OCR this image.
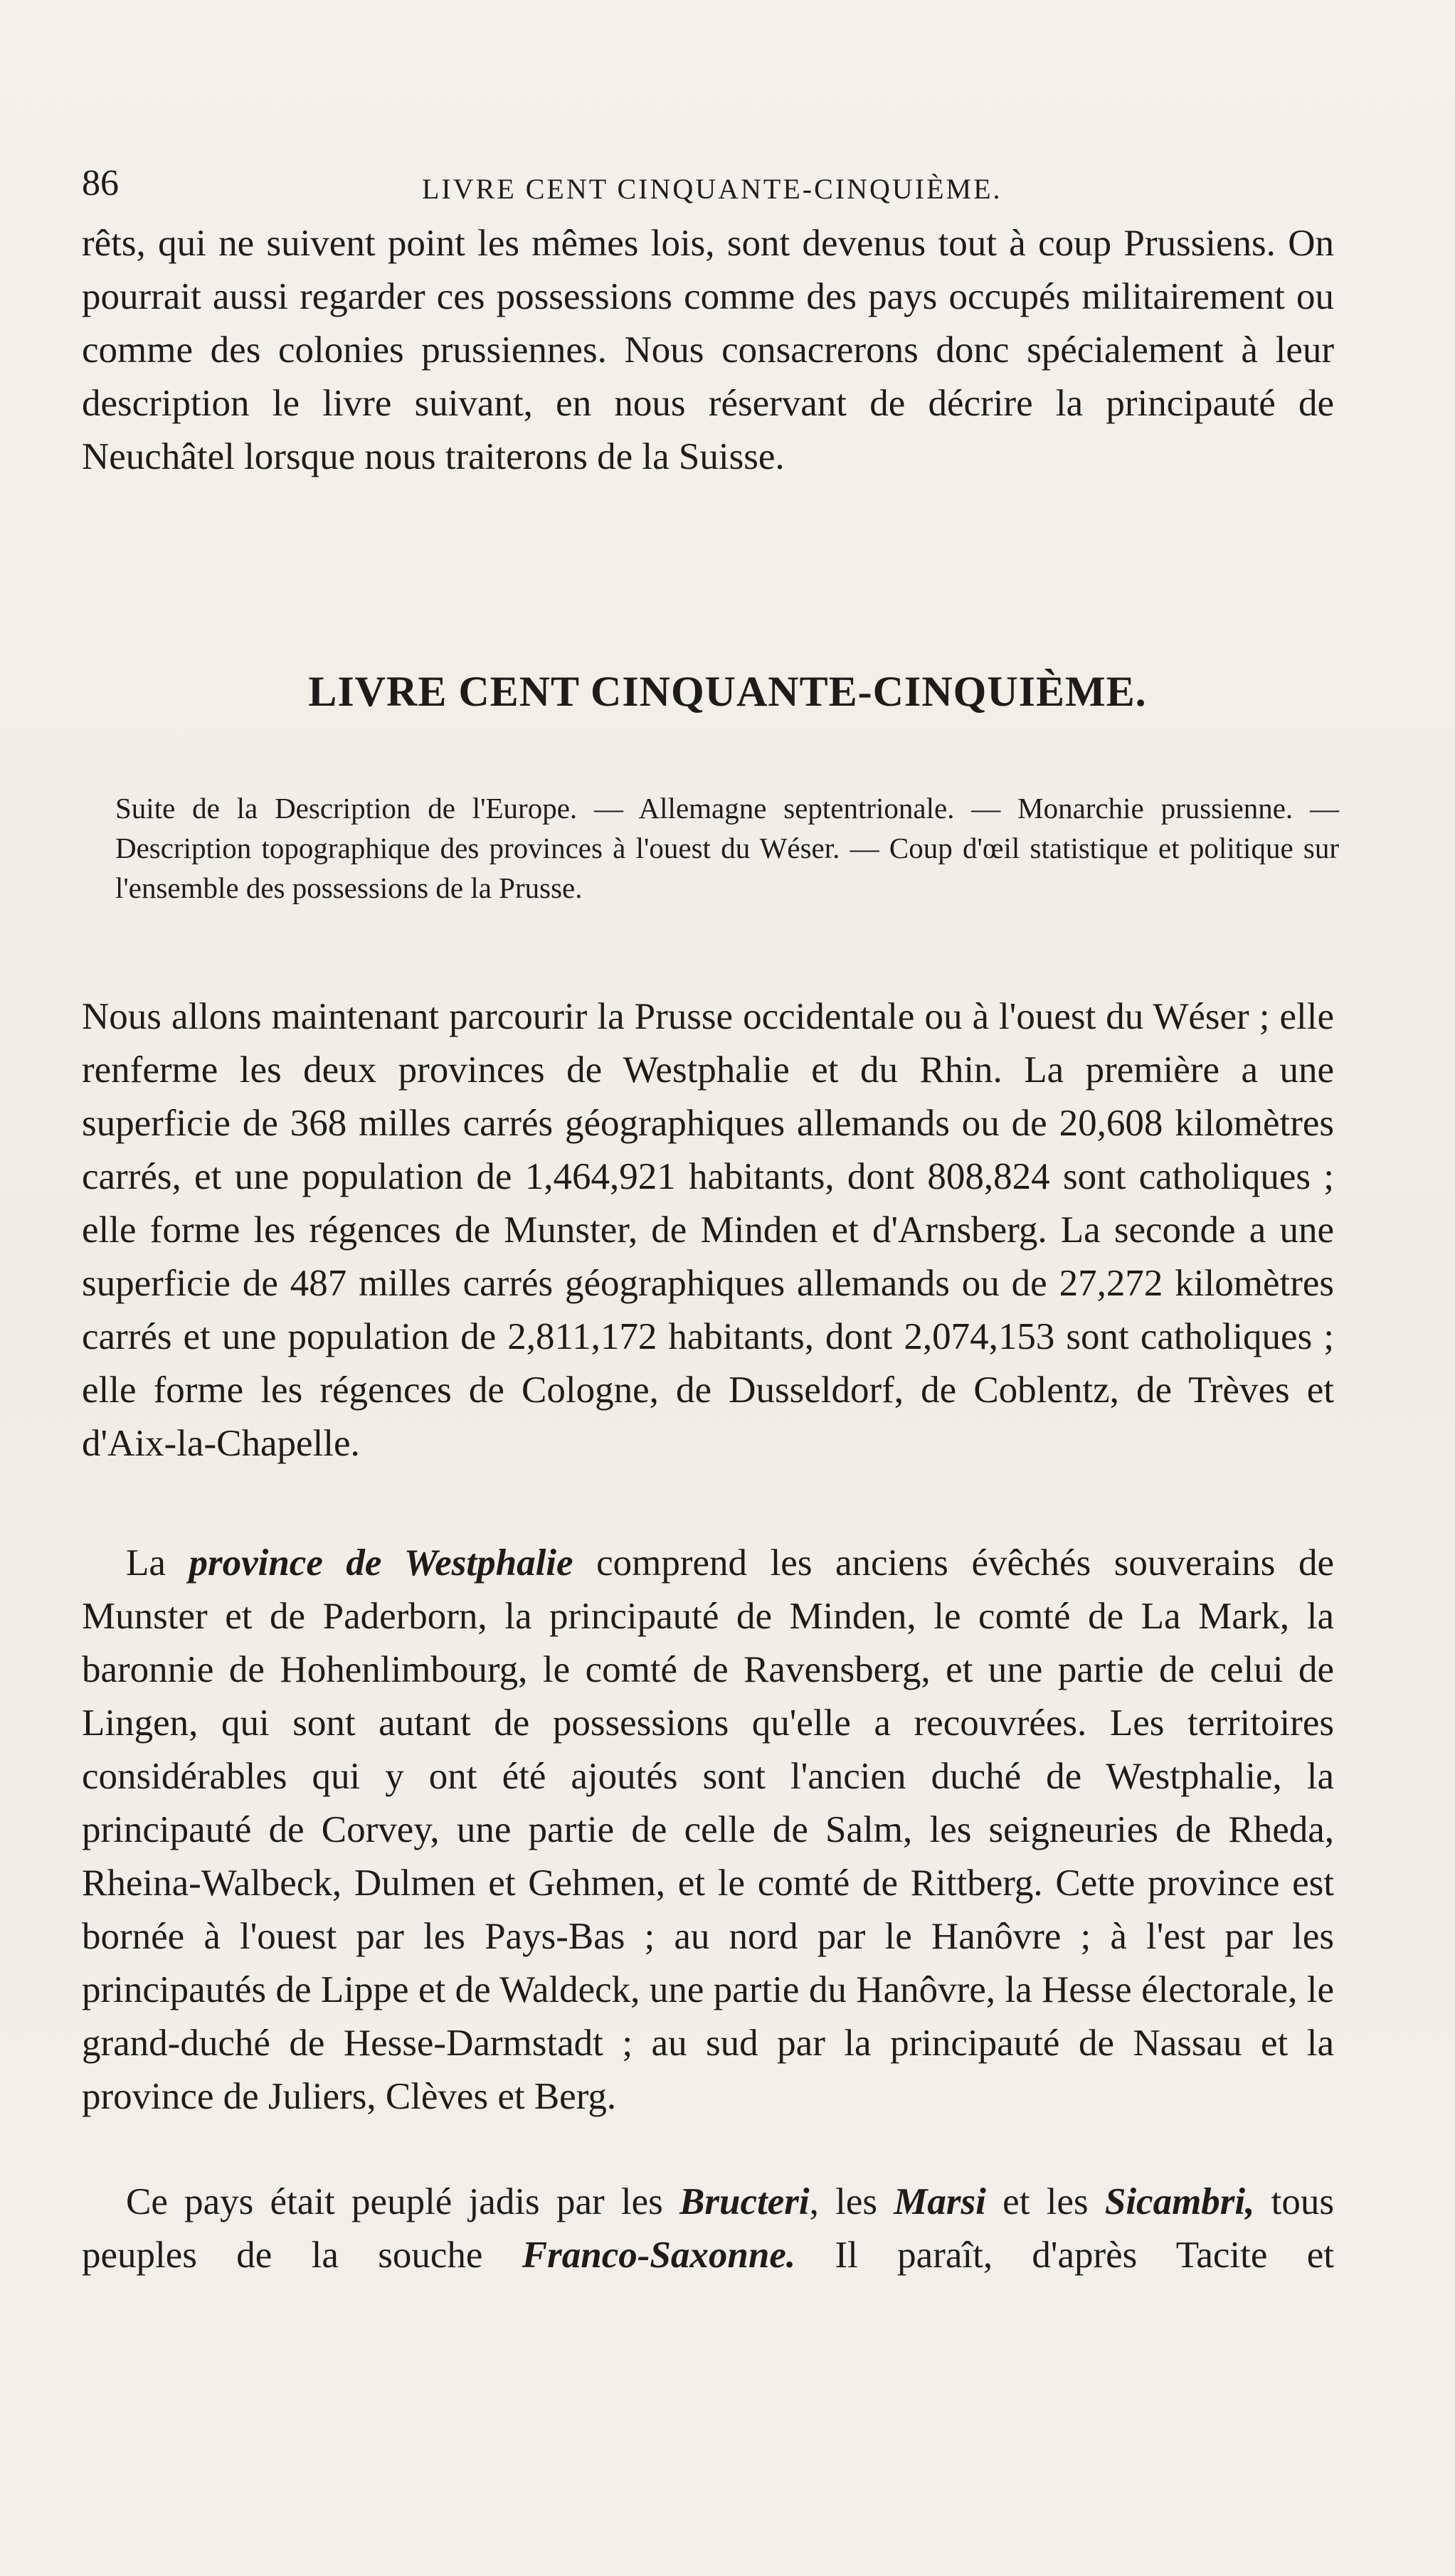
86	LIVRE CENT CINQUANTE-CINQUIÈME.

rêts, qui ne suivent point les mêmes lois, sont devenus tout à coup Prussiens. On pourrait aussi regarder ces possessions comme des pays occupés militairement ou comme des colonies prussiennes. Nous consacrerons donc spécialement à leur description le livre suivant, en nous réservant de décrire la principauté de Neuchâtel lorsque nous traiterons de la Suisse.

LIVRE CENT CINQUANTE-CINQUIÈME.

Suite de la Description de l'Europe. — Allemagne septentrionale. — Monarchie prussienne. — Description topographique des provinces à l'ouest du Wéser. — Coup d'œil statistique et politique sur l'ensemble des possessions de la Prusse.

Nous allons maintenant parcourir la Prusse occidentale ou à l'ouest du Wéser ; elle renferme les deux provinces de Westphalie et du Rhin. La première a une superficie de 368 milles carrés géographiques allemands ou de 20,608 kilomètres carrés, et une population de 1,464,921 habitants, dont 808,824 sont catholiques ; elle forme les régences de Munster, de Minden et d'Arnsberg. La seconde a une superficie de 487 milles carrés géographiques allemands ou de 27,272 kilomètres carrés et une population de 2,811,172 habitants, dont 2,074,153 sont catholiques ; elle forme les régences de Cologne, de Dusseldorf, de Coblentz, de Trèves et d'Aix-la-Chapelle.

La province de Westphalie comprend les anciens évêchés souverains de Munster et de Paderborn, la principauté de Minden, le comté de La Mark, la baronnie de Hohenlimbourg, le comté de Ravensberg, et une partie de celui de Lingen, qui sont autant de possessions qu'elle a recouvrées. Les territoires considérables qui y ont été ajoutés sont l'ancien duché de Westphalie, la principauté de Corvey, une partie de celle de Salm, les seigneuries de Rheda, Rheina-Walbeck, Dulmen et Gehmen, et le comté de Rittberg. Cette province est bornée à l'ouest par les Pays-Bas ; au nord par le Hanôvre ; à l'est par les principautés de Lippe et de Waldeck, une partie du Hanôvre, la Hesse électorale, le grand-duché de Hesse-Darmstadt ; au sud par la principauté de Nassau et la province de Juliers, Clèves et Berg.

Ce pays était peuplé jadis par les Bructeri, les Marsi et les Sicambri, tous peuples de la souche Franco-Saxonne. Il paraît, d'après Tacite et
